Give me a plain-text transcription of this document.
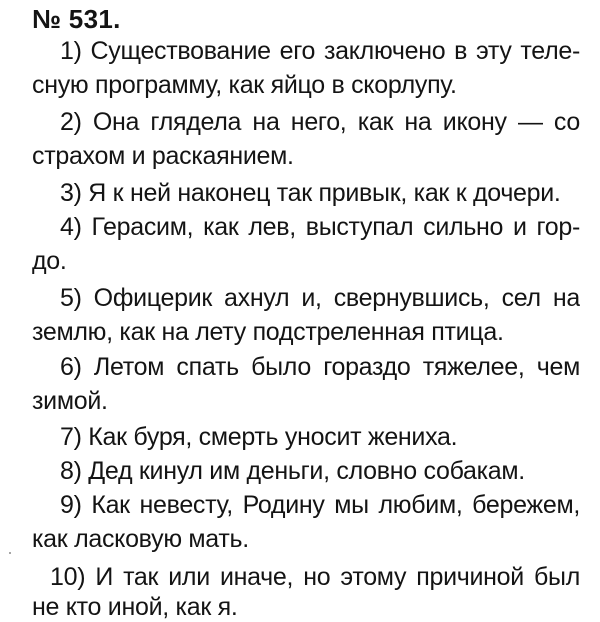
№ 531.
1) Существование его заключено в эту теле-
сную программу, как яйцо в скорлупу.
2) Она глядела на него, как на икону — со
страхом и раскаянием.
3) Я к ней наконец так привык, как к дочери.
4) Герасим, как лев, выступал сильно и гор-
до.
5) Офицерик ахнул и, свернувшись, сел на
землю, как на лету подстреленная птица.
6) Летом спать было гораздо тяжелее, чем
зимой.
7) Как буря, смерть уносит жениха.
8) Дед кинул им деньги, словно собакам.
9) Как невесту, Родину мы любим, бережем,
как ласковую мать.
10) И так или иначе, но этому причиной был
не кто иной, как я.
